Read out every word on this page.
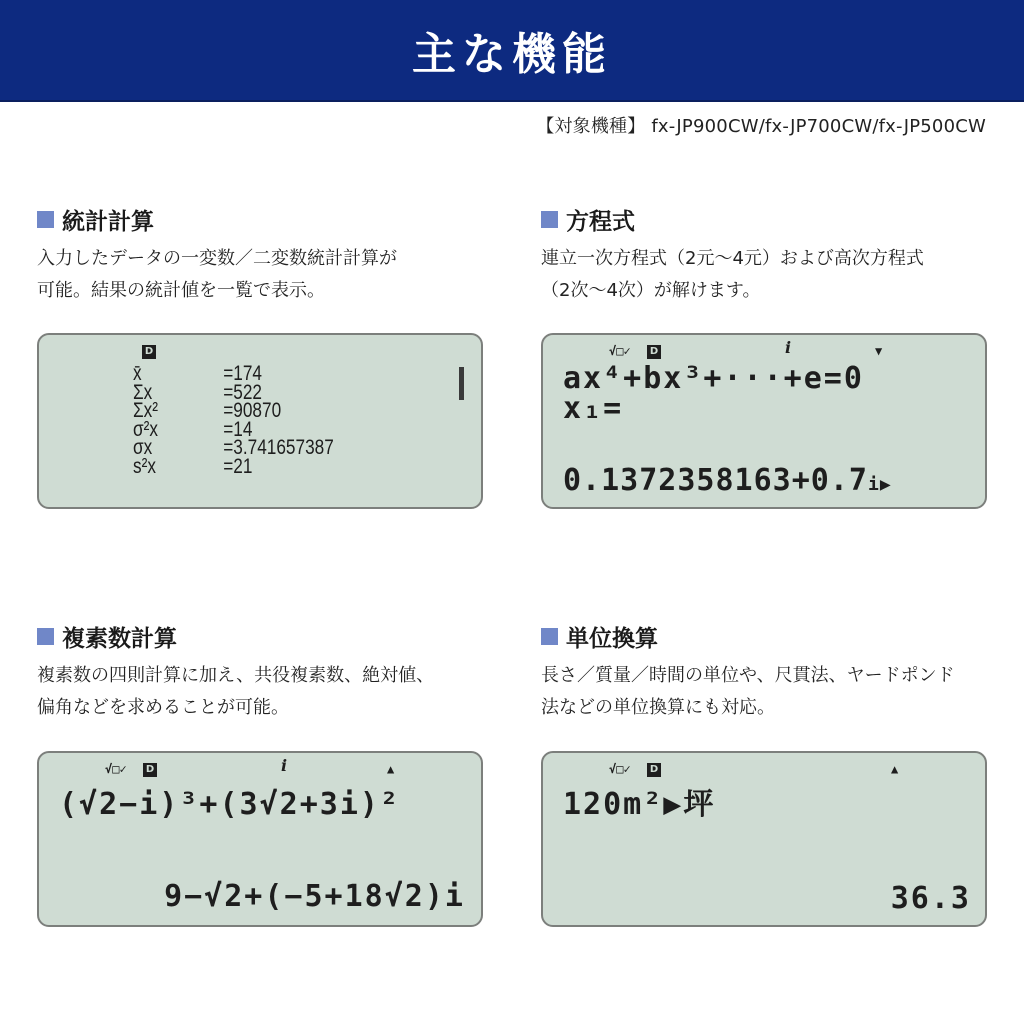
主な機能
【対象機種】 fx-JP900CW/fx-JP700CW/fx-JP500CW
統計計算
入力したデータの一変数／二変数統計計算が
可能。結果の統計値を一覧で表示。
D
x̄	=174
Σx	=522
Σx²	=90870
σ²x	=14
σx	=3.741657387
s²x	=21
方程式
連立一次方程式（2元～4元）および高次方程式
（2次～4次）が解けます。
√□✓ D	i	▼
ax⁴+bx³+···+e=0
x₁=
0.1372358163+0.7i▶
複素数計算
複素数の四則計算に加え、共役複素数、絶対値、
偏角などを求めることが可能。
√□✓ D	i	▲
(√2−i)³+(3√2+3i)²
9−√2+(−5+18√2)i
単位換算
長さ／質量／時間の単位や、尺貫法、ヤードポンド
法などの単位換算にも対応。
√□✓ D	▲
120m²▶坪
36.3
